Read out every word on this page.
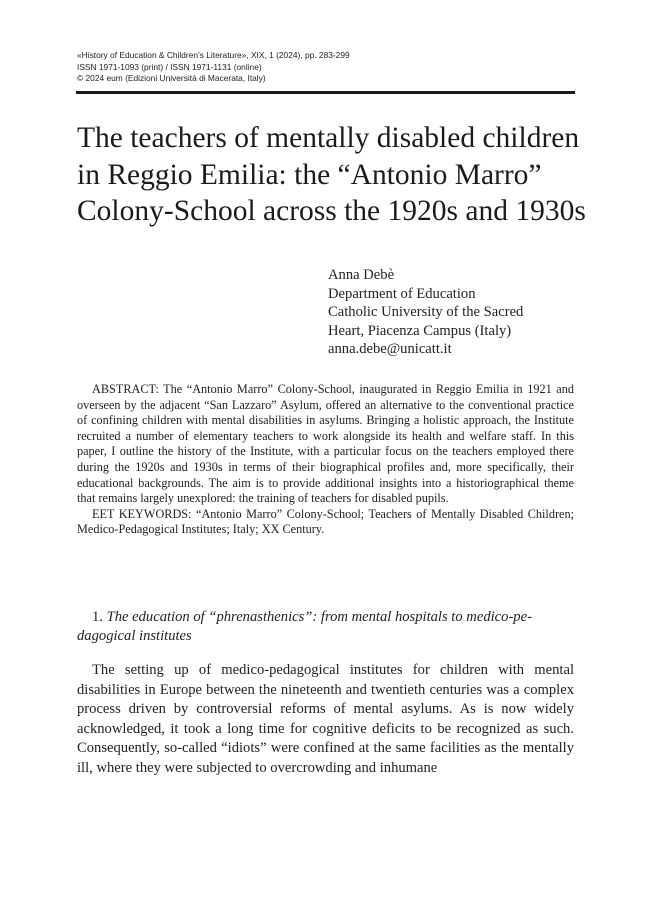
«History of Education & Children’s Literature», XIX, 1 (2024), pp. 283-299
ISSN 1971-1093 (print) / ISSN 1971-1131 (online)
© 2024 eum (Edizioni Università di Macerata, Italy)
The teachers of mentally disabled children
in Reggio Emilia: the “Antonio Marro”
Colony-School across the 1920s and 1930s
Anna Debè
Department of Education
Catholic University of the Sacred
Heart, Piacenza Campus (Italy)
anna.debe@unicatt.it

ABSTRACT: The “Antonio Marro” Colony-School, inaugurated in Reggio Emilia in 1921 and overseen by the adjacent “San Lazzaro” Asylum, offered an alternative to the conventional practice of confining children with mental disabilities in asylums. Bringing a holistic approach, the Institute recruited a number of elementary teachers to work alongside its health and welfare staff. In this paper, I outline the history of the Institute, with a particular focus on the teachers employed there during the 1920s and 1930s in terms of their biographical profiles and, more specifically, their educational backgrounds. The aim is to provide additional insights into a historiographical theme that remains largely unexplored: the training of teachers for disabled pupils.

EET KEYWORDS: “Antonio Marro” Colony-School; Teachers of Mentally Disabled Children; Medico-Pedagogical Institutes; Italy; XX Century.

1. The education of “phrenasthenics”: from mental hospitals to medico-pe-dagogical institutes

The setting up of medico-pedagogical institutes for children with mental disabilities in Europe between the nineteenth and twentieth centuries was a complex process driven by controversial reforms of mental asylums. As is now widely acknowledged, it took a long time for cognitive deficits to be recognized as such. Consequently, so-called “idiots” were confined at the same facilities as the mentally ill, where they were subjected to overcrowding and inhumane
